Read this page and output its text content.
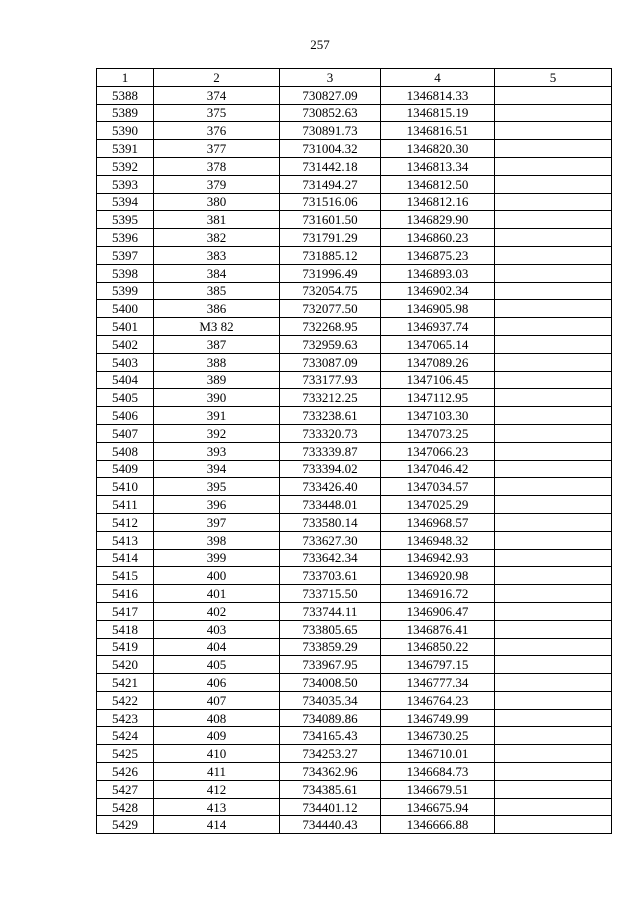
257
1	2	3	4	5
5388	374	730827.09	1346814.33	
5389	375	730852.63	1346815.19	
5390	376	730891.73	1346816.51	
5391	377	731004.32	1346820.30	
5392	378	731442.18	1346813.34	
5393	379	731494.27	1346812.50	
5394	380	731516.06	1346812.16	
5395	381	731601.50	1346829.90	
5396	382	731791.29	1346860.23	
5397	383	731885.12	1346875.23	
5398	384	731996.49	1346893.03	
5399	385	732054.75	1346902.34	
5400	386	732077.50	1346905.98	
5401	МЗ 82	732268.95	1346937.74	
5402	387	732959.63	1347065.14	
5403	388	733087.09	1347089.26	
5404	389	733177.93	1347106.45	
5405	390	733212.25	1347112.95	
5406	391	733238.61	1347103.30	
5407	392	733320.73	1347073.25	
5408	393	733339.87	1347066.23	
5409	394	733394.02	1347046.42	
5410	395	733426.40	1347034.57	
5411	396	733448.01	1347025.29	
5412	397	733580.14	1346968.57	
5413	398	733627.30	1346948.32	
5414	399	733642.34	1346942.93	
5415	400	733703.61	1346920.98	
5416	401	733715.50	1346916.72	
5417	402	733744.11	1346906.47	
5418	403	733805.65	1346876.41	
5419	404	733859.29	1346850.22	
5420	405	733967.95	1346797.15	
5421	406	734008.50	1346777.34	
5422	407	734035.34	1346764.23	
5423	408	734089.86	1346749.99	
5424	409	734165.43	1346730.25	
5425	410	734253.27	1346710.01	
5426	411	734362.96	1346684.73	
5427	412	734385.61	1346679.51	
5428	413	734401.12	1346675.94	
5429	414	734440.43	1346666.88	
